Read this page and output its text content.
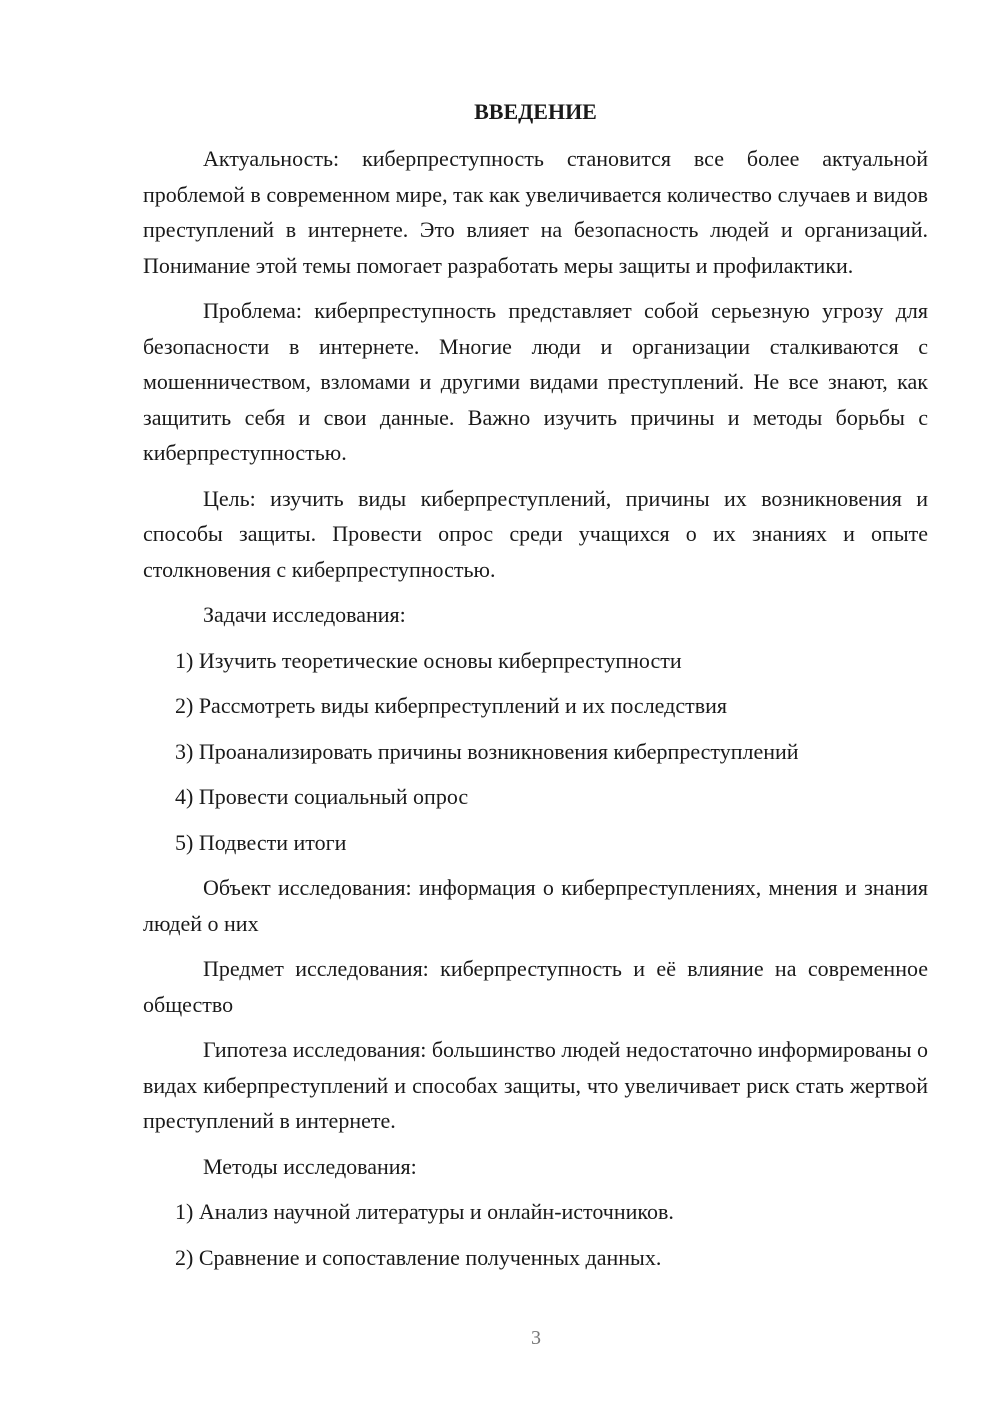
ВВЕДЕНИЕ

Актуальность: киберпреступность становится все более актуальной проблемой в современном мире, так как увеличивается количество случаев и видов преступлений в интернете. Это влияет на безопасность людей и организаций. Понимание этой темы помогает разработать меры защиты и профилактики.

Проблема: киберпреступность представляет собой серьезную угрозу для безопасности в интернете. Многие люди и организации сталкиваются с мошенничеством, взломами и другими видами преступлений. Не все знают, как защитить себя и свои данные. Важно изучить причины и методы борьбы с киберпреступностью.

Цель: изучить виды киберпреступлений, причины их возникновения и способы защиты. Провести опрос среди учащихся о их знаниях и опыте столкновения с киберпреступностью.

Задачи исследования:

1) Изучить теоретические основы киберпреступности

2) Рассмотреть виды киберпреступлений и их последствия

3) Проанализировать причины возникновения киберпреступлений

4) Провести социальный опрос

5) Подвести итоги

Объект исследования: информация о киберпреступлениях, мнения и знания людей о них

Предмет исследования: киберпреступность и её влияние на современное общество

Гипотеза исследования: большинство людей недостаточно информированы о видах киберпреступлений и способах защиты, что увеличивает риск стать жертвой преступлений в интернете.

Методы исследования:

1) Анализ научной литературы и онлайн-источников.

2) Сравнение и сопоставление полученных данных.

3
